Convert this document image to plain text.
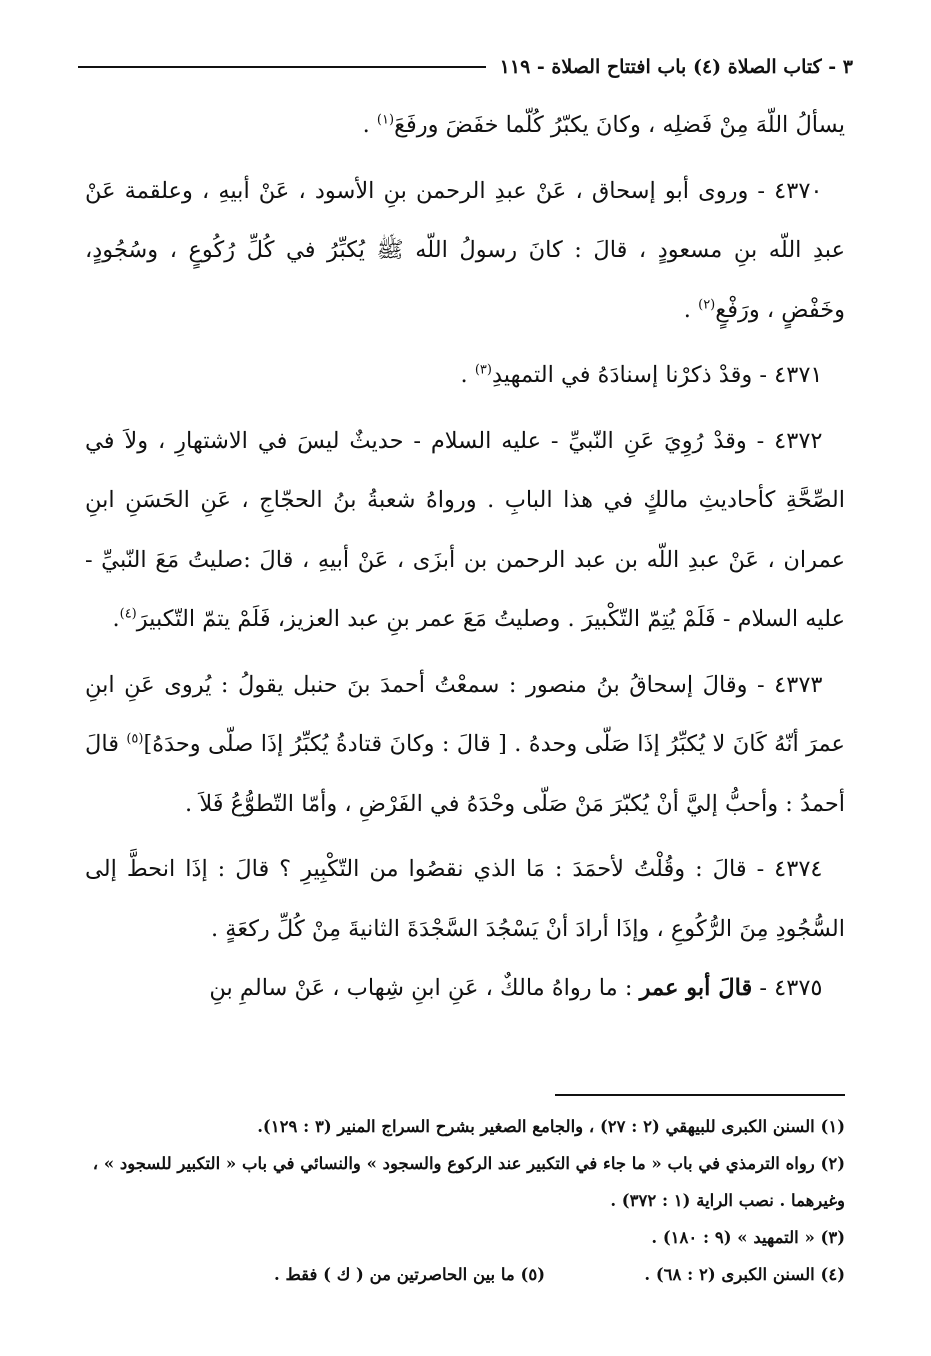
٣ - كتاب الصلاة (٤) باب افتتاح الصلاة - ١١٩

يسألُ اللّهَ مِنْ فَضلِه ، وكانَ يكبّرُ كُلّما خفَضَ ورفَعَ$^{(١)}$ .

 ٤٣٧٠ - وروى أبو إسحاق ، عَنْ عبدِ الرحمن بنِ الأسود ، عَنْ أبيهِ ، وعلقمة عَنْ عبدِ اللّه بنِ مسعودٍ ، قالَ : كانَ رسولُ اللّه ﷺ يُكبِّرُ في كُلِّ رُكُوعٍ ، وسُجُودٍ، وخَفْضٍ ، ورَفْعٍ$^{(٢)}$ .

 ٤٣٧١ - وقدْ ذكرْنا إسنادَهُ في التمهيدِ$^{(٣)}$ .

 ٤٣٧٢ - وقدْ رُوِيَ عَنِ النّبيِّ - عليه السلام - حديثٌ ليسَ في الاشتهارِ ، ولاَ في الصِّحَّةِ كأحاديثِ مالكٍ في هذا البابِ . ورواهُ شعبةُ بنُ الحجّاجِ ، عَنِ الحَسَنِ ابنِ عمران ، عَنْ عبدِ اللّه بن عبد الرحمن بن أبزَى ، عَنْ أبيهِ ، قالَ :صليتُ مَعَ النّبيِّ - عليه السلام - فَلَمْ يُتِمّ التّكْبيرَ . وصليتُ مَعَ عمر بنِ عبد العزيز، فَلَمْ يتمّ التّكبيرَ$^{(٤)}$.

 ٤٣٧٣ - وقالَ إسحاقُ بنُ منصور : سمعْتُ أحمدَ بنَ حنبل يقولُ : يُروى عَنِ ابنِ عمرَ أنّهُ كَانَ لا يُكبِّرُ إذَا صَلّى وحدهُ . [ قالَ : وكانَ قتادةُ يُكبِّرُ إذَا صلّى وحدَهُ]$^{(٥)}$ قالَ أحمدُ : وأحبُّ إليَّ أنْ يُكبّرَ مَنْ صَلّى وحْدَهُ في الفَرْضِ ، وأمّا التّطوُّعُ فَلاَ .

 ٤٣٧٤ - قالَ : وقُلْتُ لأحمَدَ : مَا الذي نقصُوا من التّكْبِيرِ ؟ قالَ : إذَا انحطَّ إلى السُّجُودِ مِنَ الرُّكُوعِ ، وإذَا أرادَ أنْ يَسْجُدَ السَّجْدَةَ الثانيةَ مِنْ كُلِّ ركعَةٍ .

 ٤٣٧٥ - قالَ أبو عمر : ما رواهُ مالكٌ ، عَنِ ابنِ شِهاب ، عَنْ سالمِ بنِ

(١) السنن الكبرى للبيهقي (٢ : ٢٧) ، والجامع الصغير بشرح السراج المنير (٣ : ١٢٩).

(٢) رواه الترمذي في باب « ما جاء في التكبير عند الركوع والسجود » والنسائي في باب « التكبير للسجود » ، وغيرهما . نصب الراية (١ : ٣٧٢) .

(٣) « التمهيد » (٩ : ١٨٠) .

(٤) السنن الكبرى (٢ : ٦٨) .
(٥) ما بين الحاصرتين من ( ك ) فقط .
